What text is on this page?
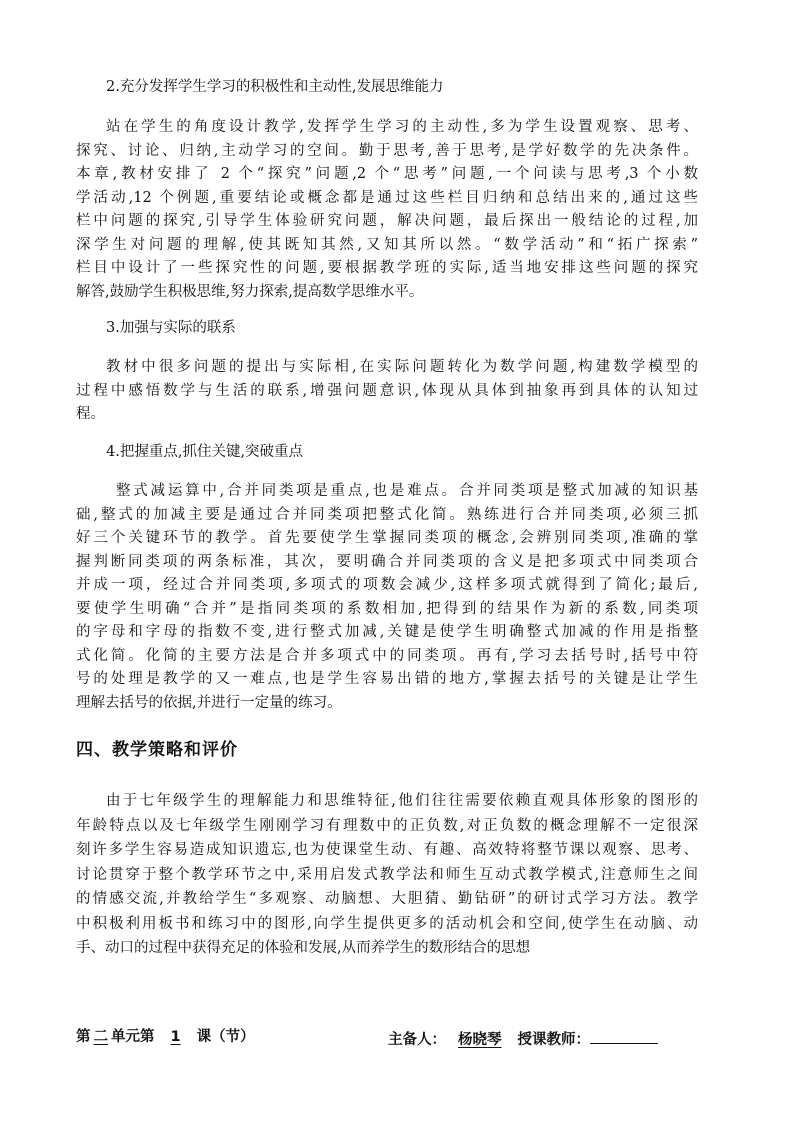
2.充分发挥学生学习的积极性和主动性,发展思维能力

站在学生的角度设计教学,发挥学生学习的主动性,多为学生设置观察、思考、
探究、讨论、归纳,主动学习的空间。勤于思考,善于思考,是学好数学的先决条件。
本章,教材安排了 2 个“探究”问题,2 个“思考”问题,一个问读与思考,3 个小数
学活动,12 个例题,重要结论或概念都是通过这些栏目归纳和总结出来的,通过这些
栏中问题的探究,引导学生体验研究问题，解决问题，最后探出一般结论的过程,加
深学生对问题的理解,使其既知其然,又知其所以然。“数学活动”和“拓广探索”
栏目中设计了一些探究性的问题,要根据教学班的实际,适当地安排这些问题的探究
解答,鼓励学生积极思维,努力探索,提高数学思维水平。

3.加强与实际的联系

教材中很多问题的提出与实际相,在实际问题转化为数学问题,构建数学模型的
过程中感悟数学与生活的联系,增强问题意识,体现从具体到抽象再到具体的认知过
程。

4.把握重点,抓住关键,突破重点

整式减运算中,合并同类项是重点,也是难点。合并同类项是整式加减的知识基
础,整式的加减主要是通过合并同类项把整式化简。熟练进行合并同类项,必须三抓
好三个关键环节的教学。首先要使学生掌握同类项的概念,会辨别同类项,准确的掌
握判断同类项的两条标准，其次，要明确合并同类项的含义是把多项式中同类项合
并成一项，经过合并同类项,多项式的项数会减少,这样多项式就得到了简化;最后,
要使学生明确“合并”是指同类项的系数相加,把得到的结果作为新的系数,同类项
的字母和字母的指数不变,进行整式加减,关键是使学生明确整式加减的作用是指整
式化简。化简的主要方法是合并多项式中的同类项。再有,学习去括号时,括号中符
号的处理是教学的又一难点,也是学生容易出错的地方,掌握去括号的关键是让学生
理解去括号的依据,并进行一定量的练习。
四、教学策略和评价
由于七年级学生的理解能力和思维特征,他们往往需要依赖直观具体形象的图形的
年龄特点以及七年级学生刚刚学习有理数中的正负数,对正负数的概念理解不一定很深
刻许多学生容易造成知识遗忘,也为使课堂生动、有趣、高效特将整节课以观察、思考、
讨论贯穿于整个教学环节之中,采用启发式教学法和师生互动式教学模式,注意师生之间
的情感交流,并教给学生“多观察、动脑想、大胆猜、勤钻研”的研讨式学习方法。教学
中积极利用板书和练习中的图形,向学生提供更多的活动机会和空间,使学生在动脑、动
手、动口的过程中获得充足的体验和发展,从而养学生的数形结合的思想
第 二 单元第 1 课（节）	主备人： 杨晓琴 授课教师：
